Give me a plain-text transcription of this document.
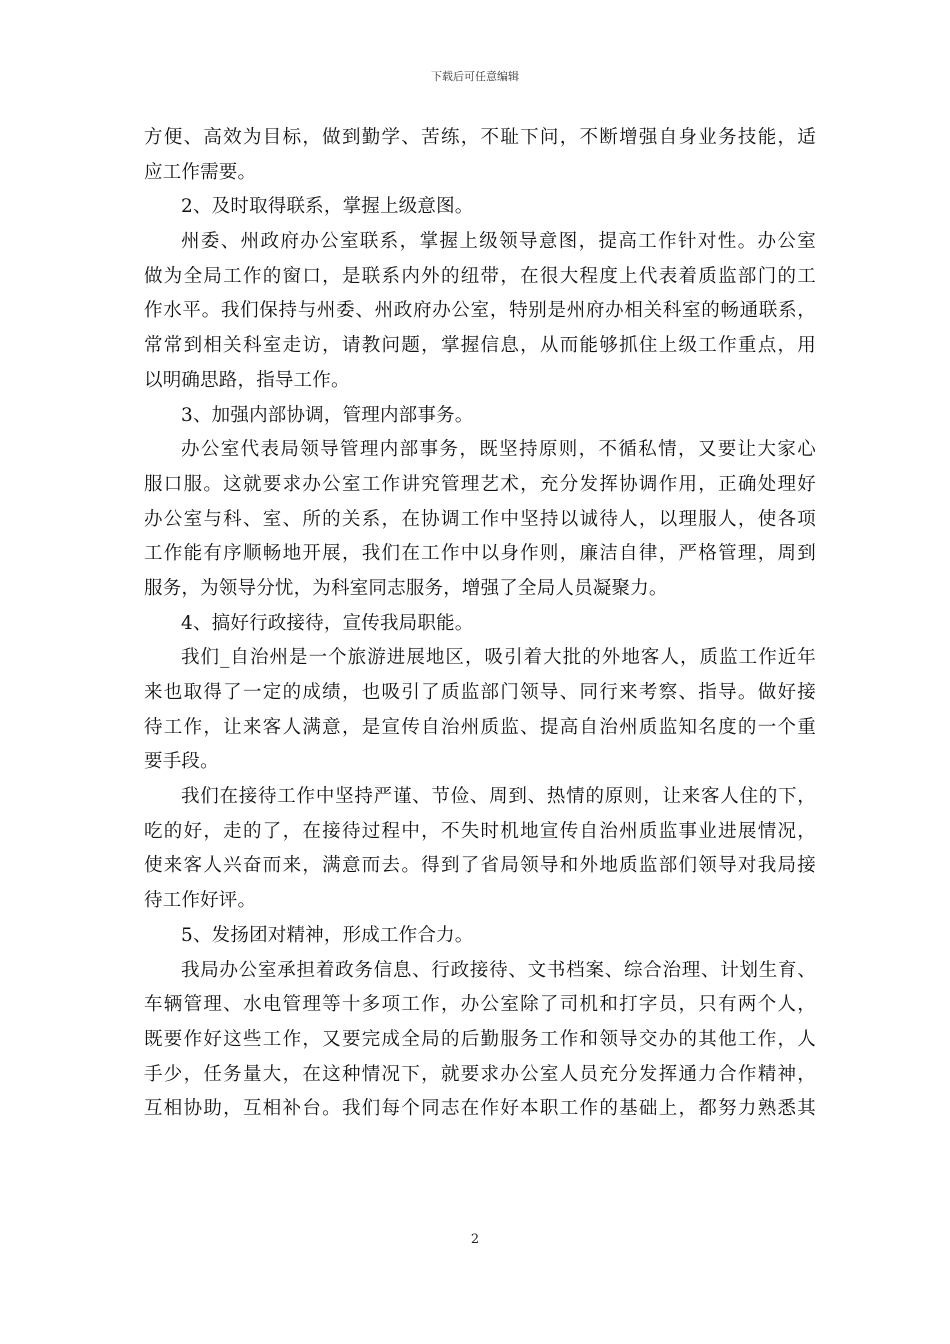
下载后可任意编辑
方便、高效为目标，做到勤学、苦练，不耻下问，不断增强自身业务技能，适
应工作需要。
2、及时取得联系，掌握上级意图。
州委、州政府办公室联系，掌握上级领导意图，提高工作针对性。办公室
做为全局工作的窗口，是联系内外的纽带，在很大程度上代表着质监部门的工
作水平。我们保持与州委、州政府办公室，特别是州府办相关科室的畅通联系，
常常到相关科室走访，请教问题，掌握信息，从而能够抓住上级工作重点，用
以明确思路，指导工作。
3、加强内部协调，管理内部事务。
办公室代表局领导管理内部事务，既坚持原则，不循私情，又要让大家心
服口服。这就要求办公室工作讲究管理艺术，充分发挥协调作用，正确处理好
办公室与科、室、所的关系，在协调工作中坚持以诚待人，以理服人，使各项
工作能有序顺畅地开展，我们在工作中以身作则，廉洁自律，严格管理，周到
服务，为领导分忧，为科室同志服务，增强了全局人员凝聚力。
4、搞好行政接待，宣传我局职能。
我们_自治州是一个旅游进展地区，吸引着大批的外地客人，质监工作近年
来也取得了一定的成绩，也吸引了质监部门领导、同行来考察、指导。做好接
待工作，让来客人满意，是宣传自治州质监、提高自治州质监知名度的一个重
要手段。
我们在接待工作中坚持严谨、节俭、周到、热情的原则，让来客人住的下，
吃的好，走的了，在接待过程中，不失时机地宣传自治州质监事业进展情况，
使来客人兴奋而来，满意而去。得到了省局领导和外地质监部们领导对我局接
待工作好评。
5、发扬团对精神，形成工作合力。
我局办公室承担着政务信息、行政接待、文书档案、综合治理、计划生育、
车辆管理、水电管理等十多项工作，办公室除了司机和打字员，只有两个人，
既要作好这些工作，又要完成全局的后勤服务工作和领导交办的其他工作，人
手少，任务量大，在这种情况下，就要求办公室人员充分发挥通力合作精神，
互相协助，互相补台。我们每个同志在作好本职工作的基础上，都努力熟悉其
2
